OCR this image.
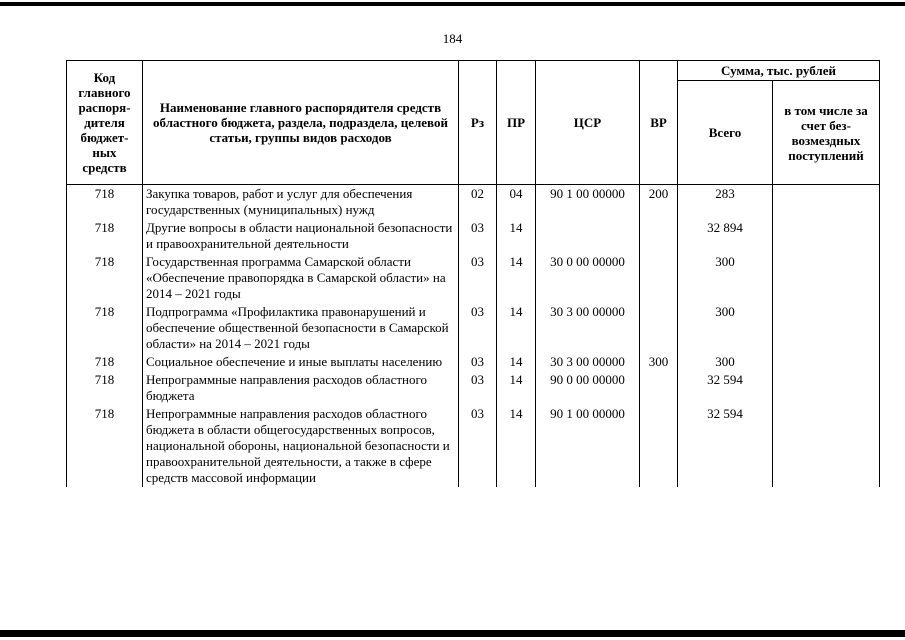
184
Код главного распоря-дителя бюджет-ных средств	Наименование главного распорядителя средств областного бюджета, раздела, подраздела, целевой статьи, группы видов расходов	Рз	ПР	ЦСР	ВР	Сумма, тыс. рублей	
						Всего	в том числе за счет без-возмездных поступлений
718	Закупка товаров, работ и услуг для обеспечения государственных (муниципальных) нужд	02	04	90 1 00 00000	200	283	
718	Другие вопросы в области национальной безопасности и правоохранительной деятельности	03	14			32 894	
718	Государственная программа Самарской области «Обеспечение правопорядка в Самарской области» на 2014 – 2021 годы	03	14	30 0 00 00000		300	
718	Подпрограмма «Профилактика правонарушений и обеспечение общественной безопасности в Самарской области» на 2014 – 2021 годы	03	14	30 3 00 00000		300	
718	Социальное обеспечение и иные выплаты населению	03	14	30 3 00 00000	300	300	
718	Непрограммные направления расходов областного бюджета	03	14	90 0 00 00000		32 594	
718	Непрограммные направления расходов областного бюджета в области общегосударственных вопросов, национальной обороны, национальной безопасности и правоохранительной деятельности, а также в сфере средств массовой информации	03	14	90 1 00 00000		32 594	
